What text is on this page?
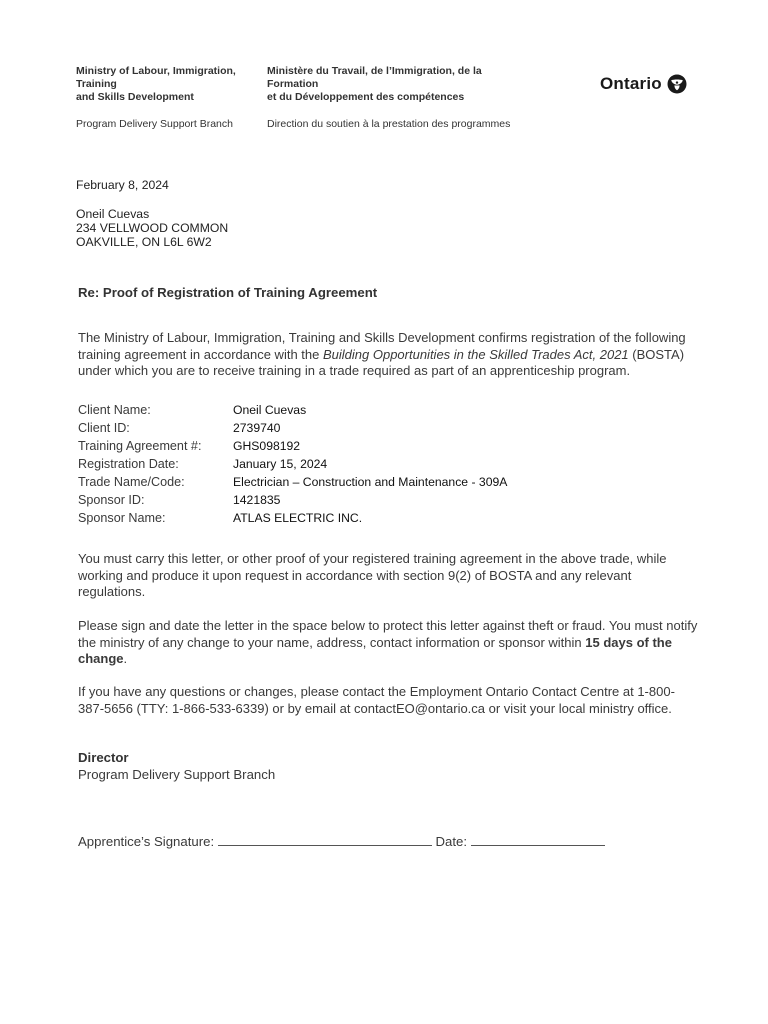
Ministry of Labour, Immigration,
Training
and Skills Development
Program Delivery Support Branch
Ministère du Travail, de l’Immigration, de la
Formation
et du Développement des compétences
Direction du soutien à la prestation des programmes
Ontario
February 8, 2024
Oneil Cuevas
234 VELLWOOD COMMON
OAKVILLE, ON L6L 6W2
Re: Proof of Registration of Training Agreement
The Ministry of Labour, Immigration, Training and Skills Development confirms registration of the following training agreement in accordance with the Building Opportunities in the Skilled Trades Act, 2021 (BOSTA) under which you are to receive training in a trade required as part of an apprenticeship program.
Client Name:	Oneil Cuevas
Client ID:	2739740
Training Agreement #:	GHS098192
Registration Date:	January 15, 2024
Trade Name/Code:	Electrician – Construction and Maintenance - 309A
Sponsor ID:	1421835
Sponsor Name:	ATLAS ELECTRIC INC.
You must carry this letter, or other proof of your registered training agreement in the above trade, while working and produce it upon request in accordance with section 9(2) of BOSTA and any relevant regulations.
Please sign and date the letter in the space below to protect this letter against theft or fraud. You must notify the ministry of any change to your name, address, contact information or sponsor within 15 days of the change.
If you have any questions or changes, please contact the Employment Ontario Contact Centre at 1-800-387-5656 (TTY: 1-866-533-6339) or by email at contactEO@ontario.ca or visit your local ministry office.
Director
Program Delivery Support Branch
Apprentice’s Signature:	Date:
